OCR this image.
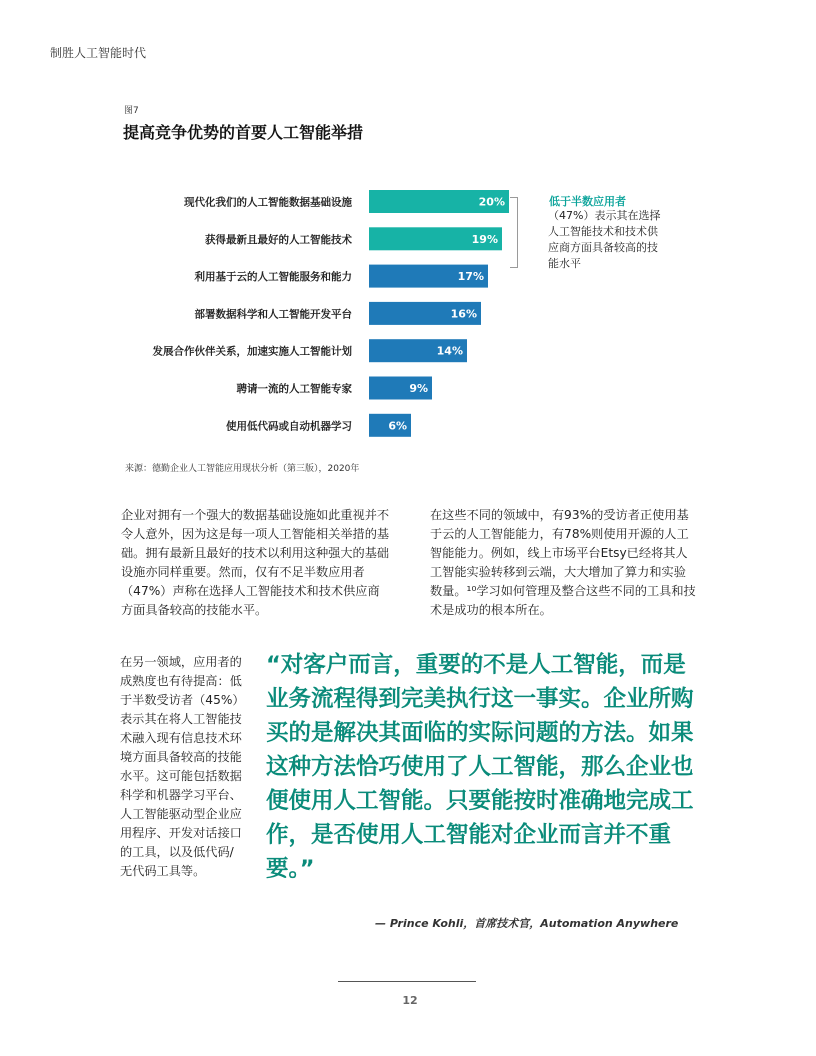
制胜人工智能时代
图7
提高竞争优势的首要人工智能举措
现代化我们的人工智能数据基础设施	20%
获得最新且最好的人工智能技术	19%
利用基于云的人工智能服务和能力	17%
部署数据科学和人工智能开发平台	16%
发展合作伙伴关系，加速实施人工智能计划	14%
聘请一流的人工智能专家	9%
使用低代码或自动机器学习	6%
低于半数应用者
（47%）表示其在选择人工智能技术和技术供应商方面具备较高的技能水平
来源：德勤企业人工智能应用现状分析（第三版），2020年
企业对拥有一个强大的数据基础设施如此重视并不令人意外，因为这是每一项人工智能相关举措的基础。拥有最新且最好的技术以利用这种强大的基础设施亦同样重要。然而，仅有不足半数应用者（47%）声称在选择人工智能技术和技术供应商方面具备较高的技能水平。
在这些不同的领域中，有93%的受访者正使用基于云的人工智能能力，有78%则使用开源的人工智能能力。例如，线上市场平台Etsy已经将其人工智能实验转移到云端，大大增加了算力和实验数量。¹⁰学习如何管理及整合这些不同的工具和技术是成功的根本所在。
在另一领域，应用者的成熟度也有待提高：低于半数受访者（45%）表示其在将人工智能技术融入现有信息技术环境方面具备较高的技能水平。这可能包括数据科学和机器学习平台、人工智能驱动型企业应用程序、开发对话接口的工具，以及低代码/无代码工具等。
“对客户而言，重要的不是人工智能，而是业务流程得到完美执行这一事实。企业所购买的是解决其面临的实际问题的方法。如果这种方法恰巧使用了人工智能，那么企业也便使用人工智能。只要能按时准确地完成工作，是否使用人工智能对企业而言并不重要。”
— Prince Kohli，首席技术官，Automation Anywhere
12
